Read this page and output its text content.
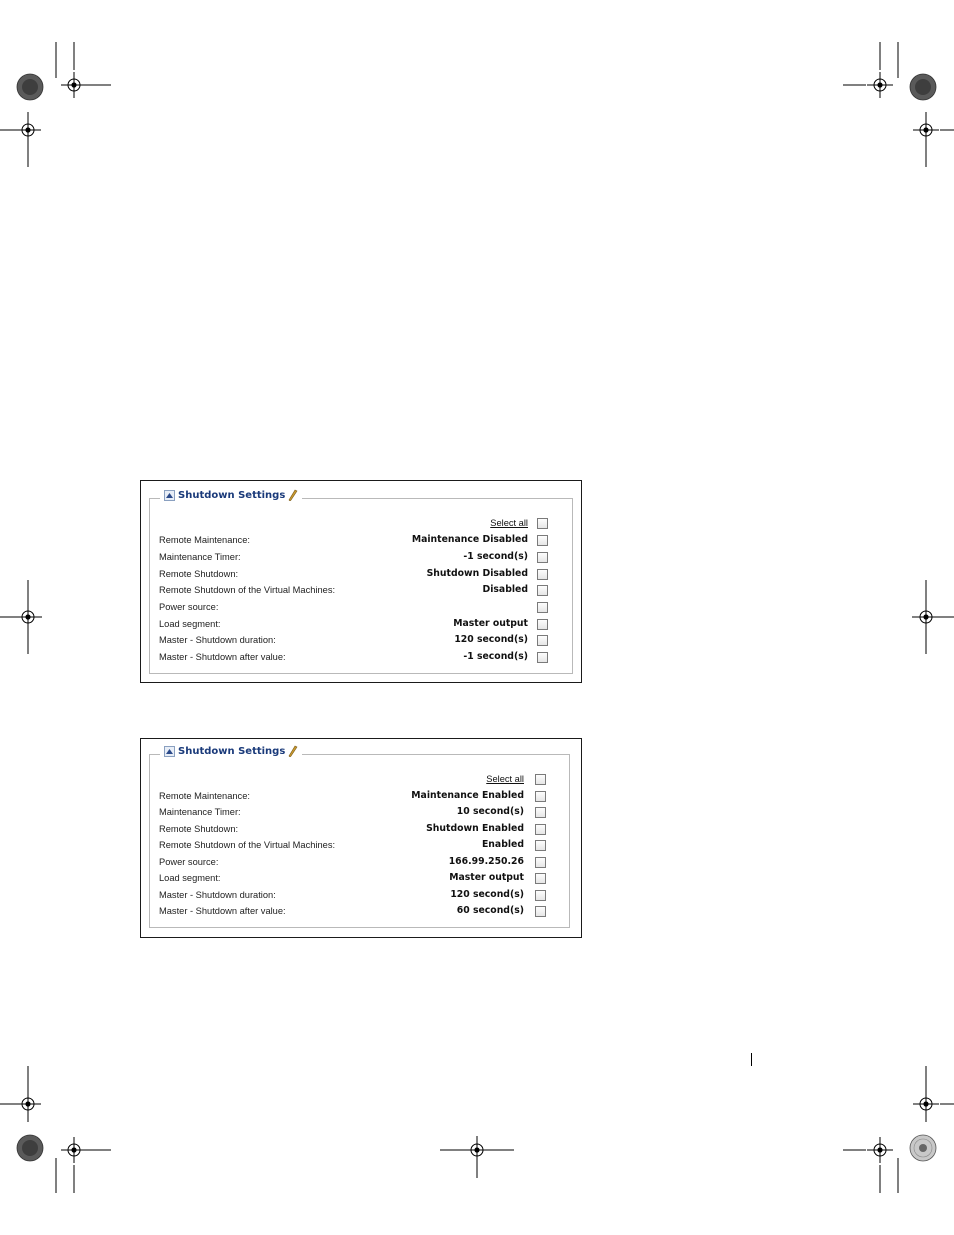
Shutdown Settings
Select all
Remote Maintenance:	Maintenance Disabled
Maintenance Timer:	-1 second(s)
Remote Shutdown:	Shutdown Disabled
Remote Shutdown of the Virtual Machines:	Disabled
Power source:
Load segment:	Master output
Master - Shutdown duration:	120 second(s)
Master - Shutdown after value:	-1 second(s)
Shutdown Settings
Select all
Remote Maintenance:	Maintenance Enabled
Maintenance Timer:	10 second(s)
Remote Shutdown:	Shutdown Enabled
Remote Shutdown of the Virtual Machines:	Enabled
Power source:	166.99.250.26
Load segment:	Master output
Master - Shutdown duration:	120 second(s)
Master - Shutdown after value:	60 second(s)
